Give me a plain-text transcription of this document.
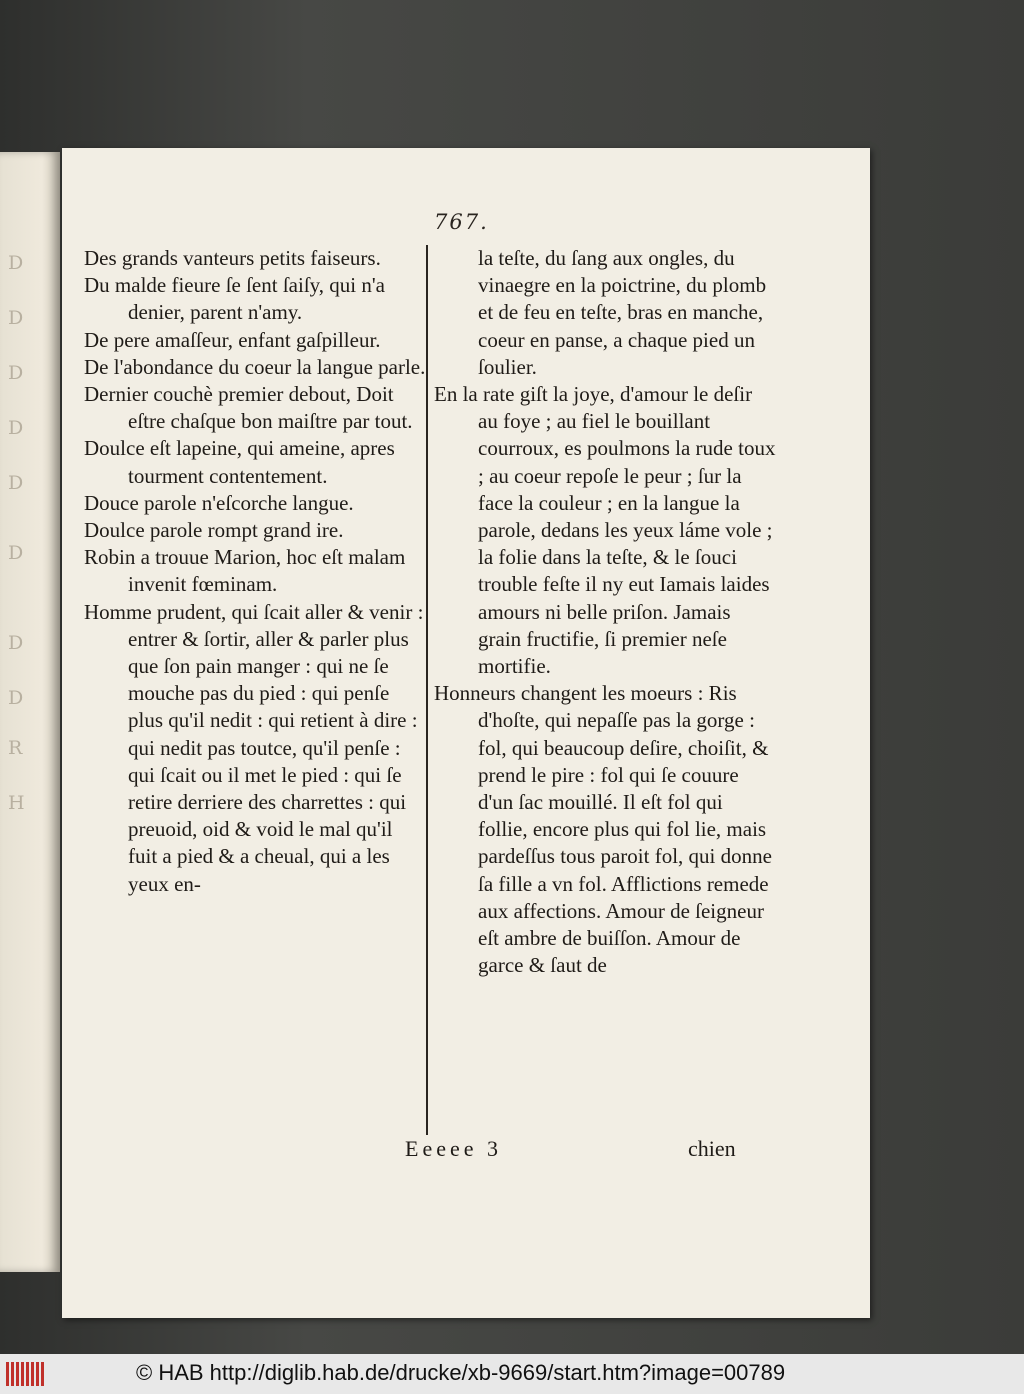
D
D
D
D
D
D
D
D
R
H
767.

Des grands vanteurs petits faiseurs.

Du malde fieure ſe ſent ſaiſy, qui n'a denier, parent n'amy.

De pere amaſſeur, enfant gaſpilleur.

De l'abondance du coeur la langue parle.

Dernier couchè premier debout, Doit eſtre chaſque bon maiſtre par tout.

Doulce eſt lapeine, qui ameine, apres tourment contentement.

Douce parole n'eſcorche langue.

Doulce parole rompt grand ire.

Robin a trouue Marion, hoc eſt malam invenit fœminam.

Homme prudent, qui ſcait aller & venir : entrer & ſortir, aller & parler plus que ſon pain manger : qui ne ſe mouche pas du pied : qui penſe plus qu'il nedit : qui retient à dire : qui nedit pas toutce, qu'il penſe : qui ſcait ou il met le pied : qui ſe retire derriere des charrettes : qui preuoid, oid & void le mal qu'il fuit a pied & a cheual, qui a les yeux en-

la teſte, du ſang aux ongles, du vinaegre en la poictrine, du plomb et de feu en teſte, bras en manche, coeur en panse, a chaque pied un ſoulier.

En la rate giſt la joye, d'amour le deſir au foye ; au fiel le bouillant courroux, es poulmons la rude toux ; au coeur repoſe le peur ; ſur la face la couleur ; en la langue la parole, dedans les yeux láme vole ; la folie dans la teſte, & le ſouci trouble feſte il ny eut Iamais laides amours ni belle priſon. Jamais grain fructifie, ſi premier neſe mortifie.

Honneurs changent les moeurs : Ris d'hoſte, qui nepaſſe pas la gorge : fol, qui beaucoup deſire, choiſit, & prend le pire : fol qui ſe couure d'un ſac mouillé. Il eſt fol qui follie, encore plus qui fol lie, mais pardeſſus tous paroit fol, qui donne ſa fille a vn fol. Afflictions remede aux affections. Amour de ſeigneur eſt ambre de buiſſon. Amour de garce & ſaut de

Eeeee 3	chien
© HAB http://diglib.hab.de/drucke/xb-9669/start.htm?image=00789
